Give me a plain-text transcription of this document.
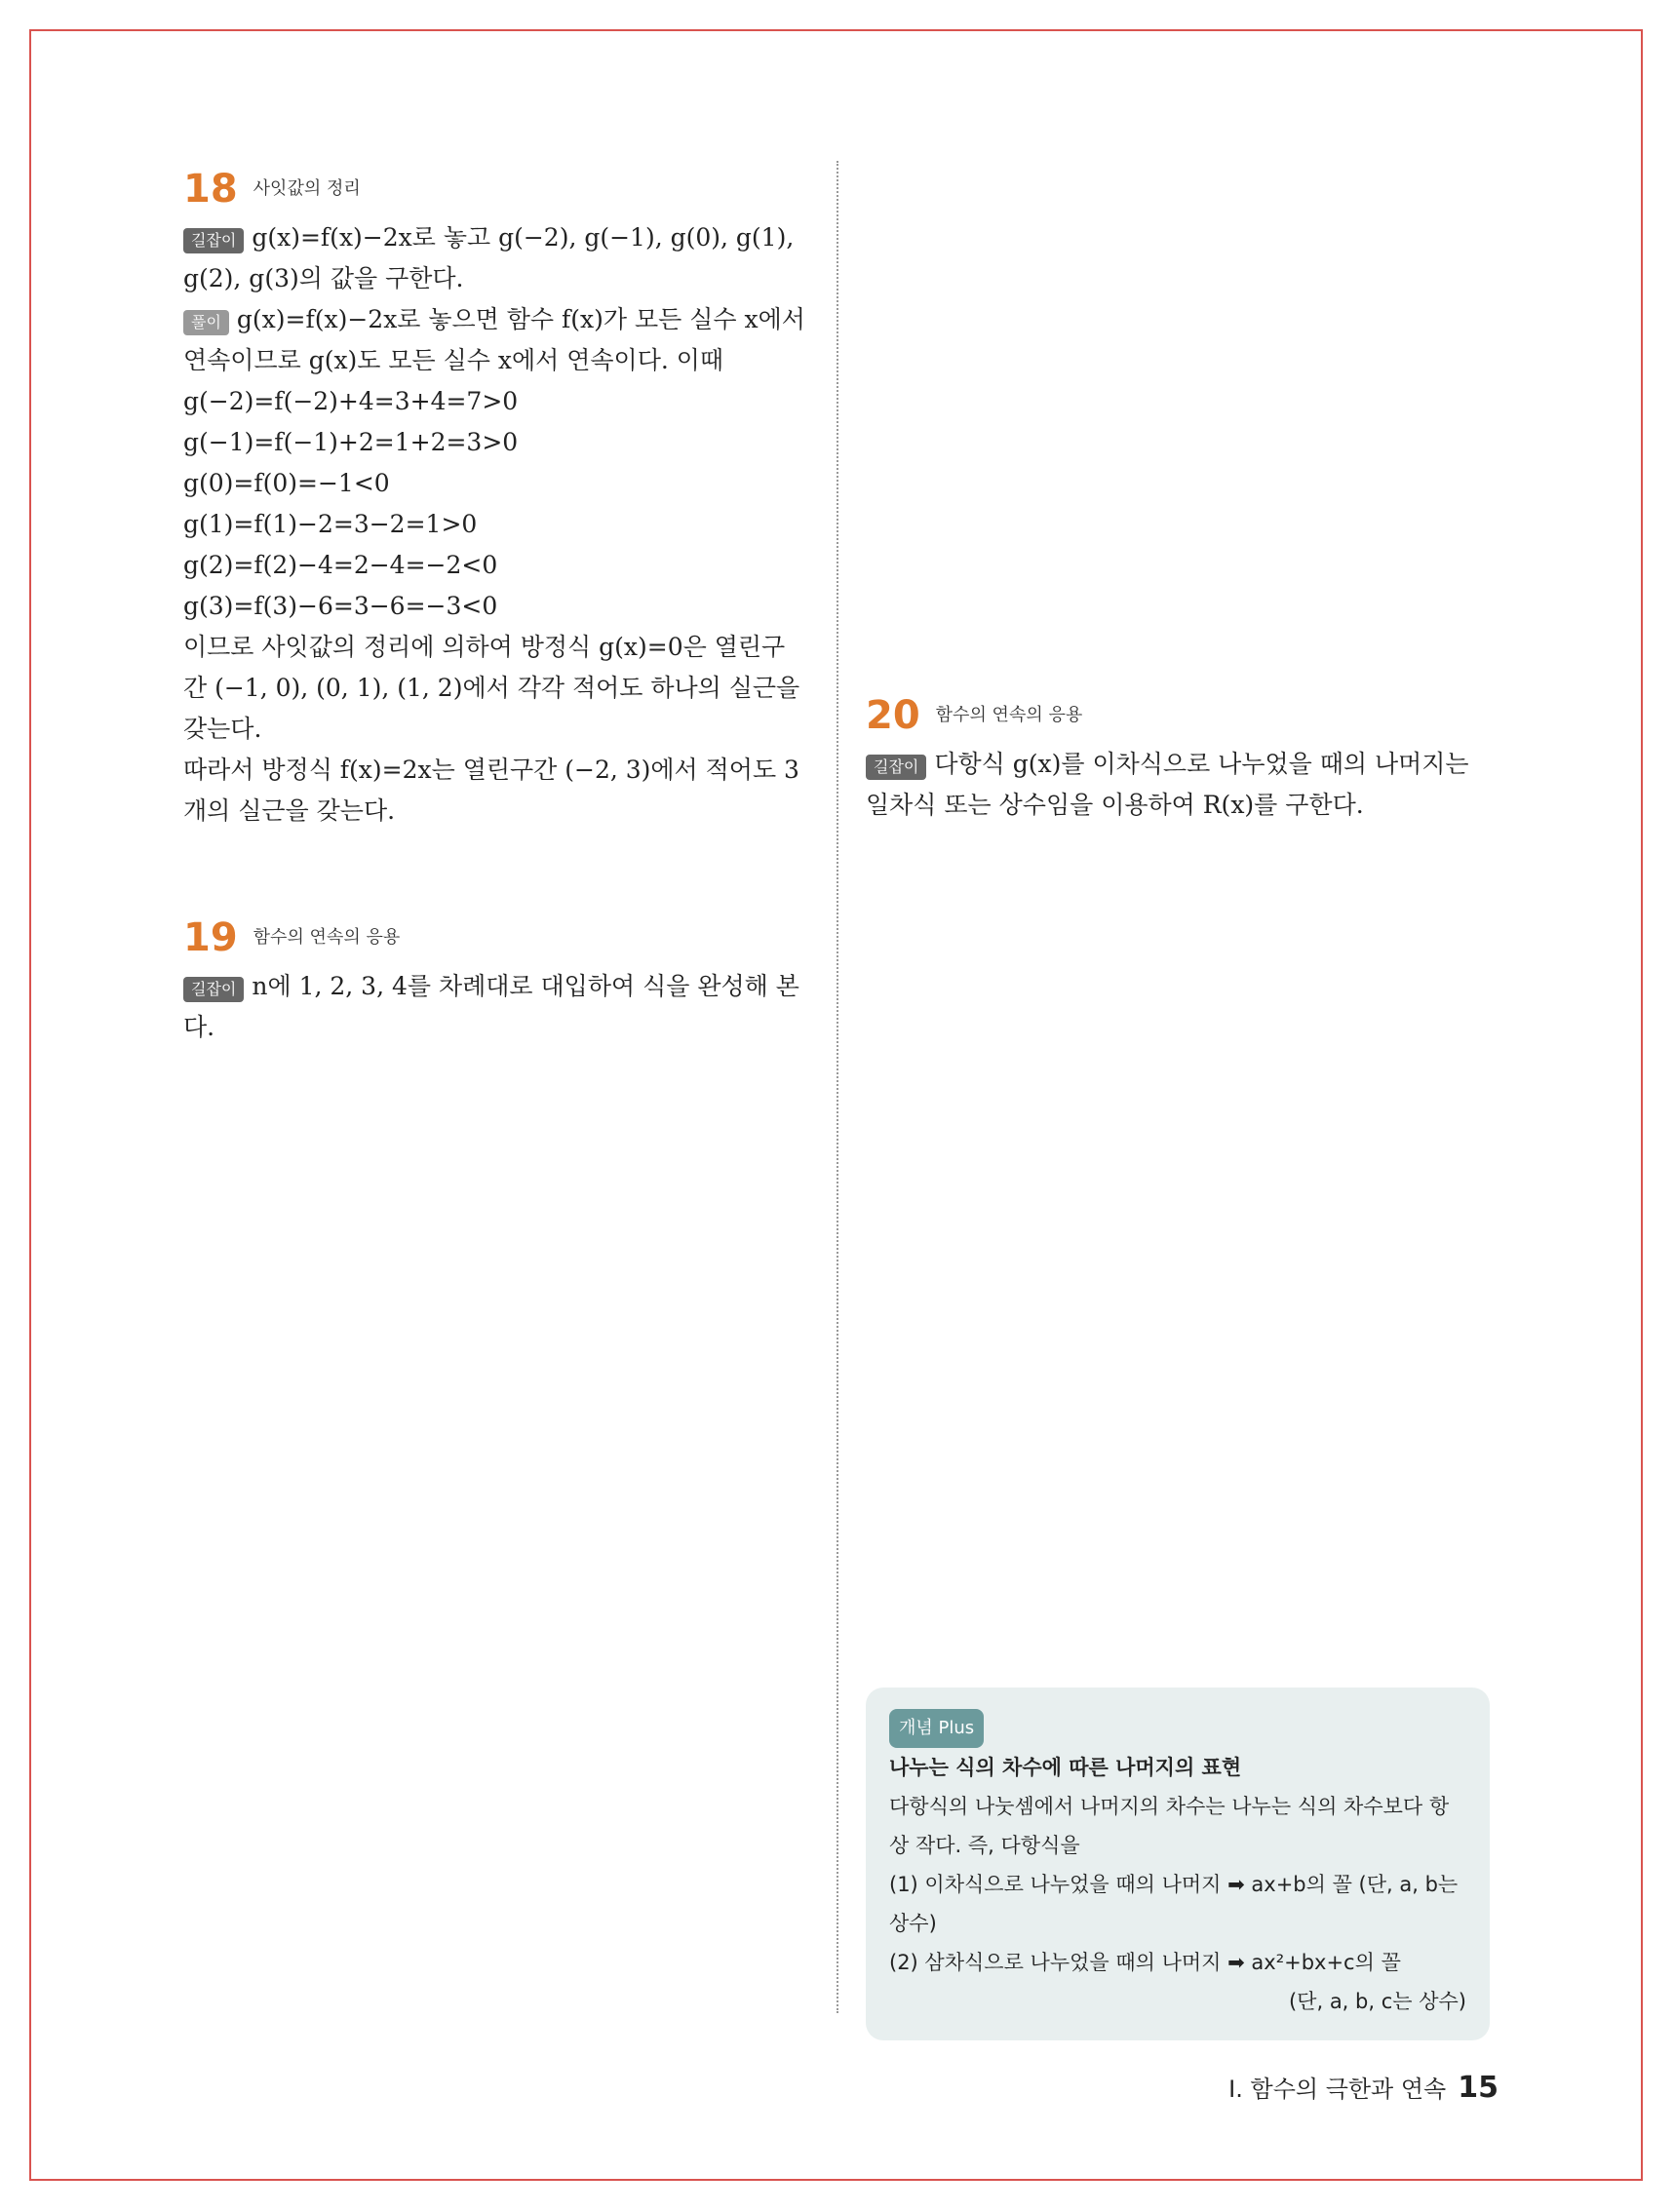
18 사잇값의 정리

길잡이 g(x)=f(x)−2x로 놓고 g(−2), g(−1), g(0), g(1), g(2), g(3)의 값을 구한다.

풀이 g(x)=f(x)−2x로 놓으면 함수 f(x)가 모든 실수 x에서 연속이므로 g(x)도 모든 실수 x에서 연속이다. 이때

g(−2)=f(−2)+4=3+4=7>0

g(−1)=f(−1)+2=1+2=3>0

g(0)=f(0)=−1<0

g(1)=f(1)−2=3−2=1>0

g(2)=f(2)−4=2−4=−2<0

g(3)=f(3)−6=3−6=−3<0

이므로 사잇값의 정리에 의하여 방정식 g(x)=0은 열린구간 (−1, 0), (0, 1), (1, 2)에서 각각 적어도 하나의 실근을 갖는다.

따라서 방정식 f(x)=2x는 열린구간 (−2, 3)에서 적어도 3개의 실근을 갖는다.

19 함수의 연속의 응용

길잡이 n에 1, 2, 3, 4를 차례대로 대입하여 식을 완성해 본다.

20 함수의 연속의 응용

길잡이 다항식 g(x)를 이차식으로 나누었을 때의 나머지는 일차식 또는 상수임을 이용하여 R(x)를 구한다.

개념 Plus

나누는 식의 차수에 따른 나머지의 표현

다항식의 나눗셈에서 나머지의 차수는 나누는 식의 차수보다 항상 작다. 즉, 다항식을

(1) 이차식으로 나누었을 때의 나머지 ➡ ax+b의 꼴 (단, a, b는 상수)

(2) 삼차식으로 나누었을 때의 나머지 ➡ ax²+bx+c의 꼴

(단, a, b, c는 상수)

Ⅰ. 함수의 극한과 연속 15
